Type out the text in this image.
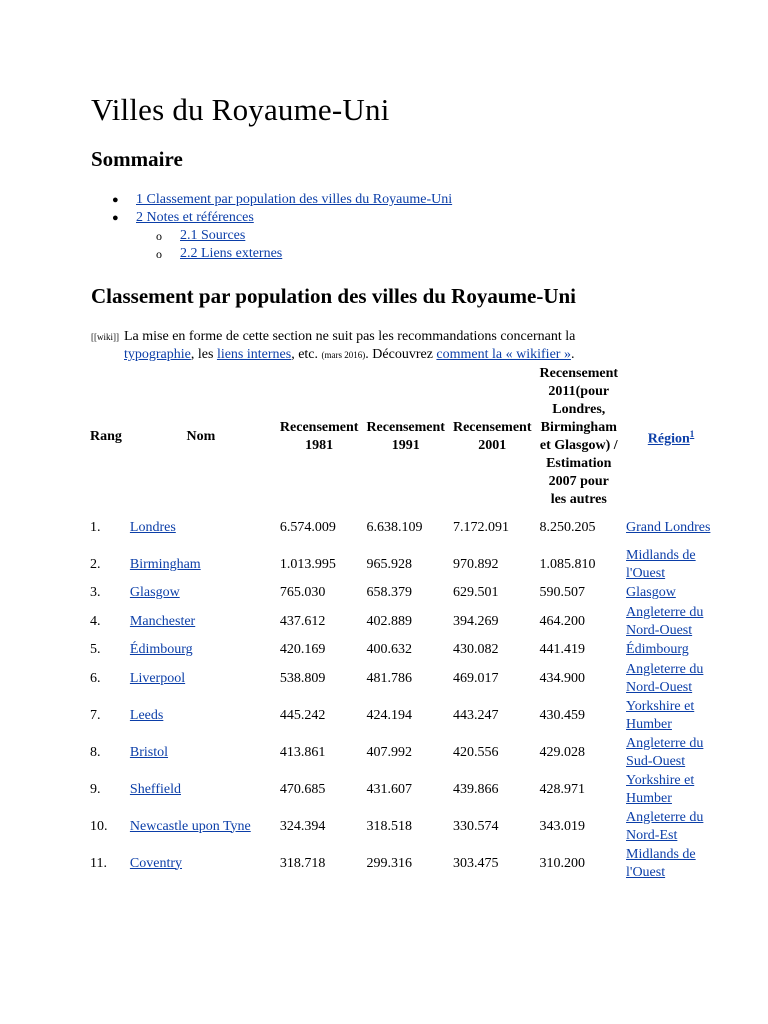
Villes du Royaume-Uni
Sommaire
● 1 Classement par population des villes du Royaume-Uni
● 2 Notes et références
o 2.1 Sources
o 2.2 Liens externes
Classement par population des villes du Royaume-Uni
[[wiki]] La mise en forme de cette section ne suit pas les recommandations concernant la
typographie, les liens internes, etc. (mars 2016). Découvrez comment la « wikifier ».
Rang	Nom	Recensement 1981	Recensement 1991	Recensement 2001	Recensement 2011(pour Londres, Birmingham et Glasgow) / Estimation 2007 pour les autres	Région$^1$
1.	Londres	6.574.009	6.638.109	7.172.091	8.250.205	Grand Londres
2.	Birmingham	1.013.995	965.928	970.892	1.085.810	Midlands de l'Ouest
3.	Glasgow	765.030	658.379	629.501	590.507	Glasgow
4.	Manchester	437.612	402.889	394.269	464.200	Angleterre du Nord-Ouest
5.	Édimbourg	420.169	400.632	430.082	441.419	Édimbourg
6.	Liverpool	538.809	481.786	469.017	434.900	Angleterre du Nord-Ouest
7.	Leeds	445.242	424.194	443.247	430.459	Yorkshire et Humber
8.	Bristol	413.861	407.992	420.556	429.028	Angleterre du Sud-Ouest
9.	Sheffield	470.685	431.607	439.866	428.971	Yorkshire et Humber
10.	Newcastle upon Tyne	324.394	318.518	330.574	343.019	Angleterre du Nord-Est
11.	Coventry	318.718	299.316	303.475	310.200	Midlands de l'Ouest
